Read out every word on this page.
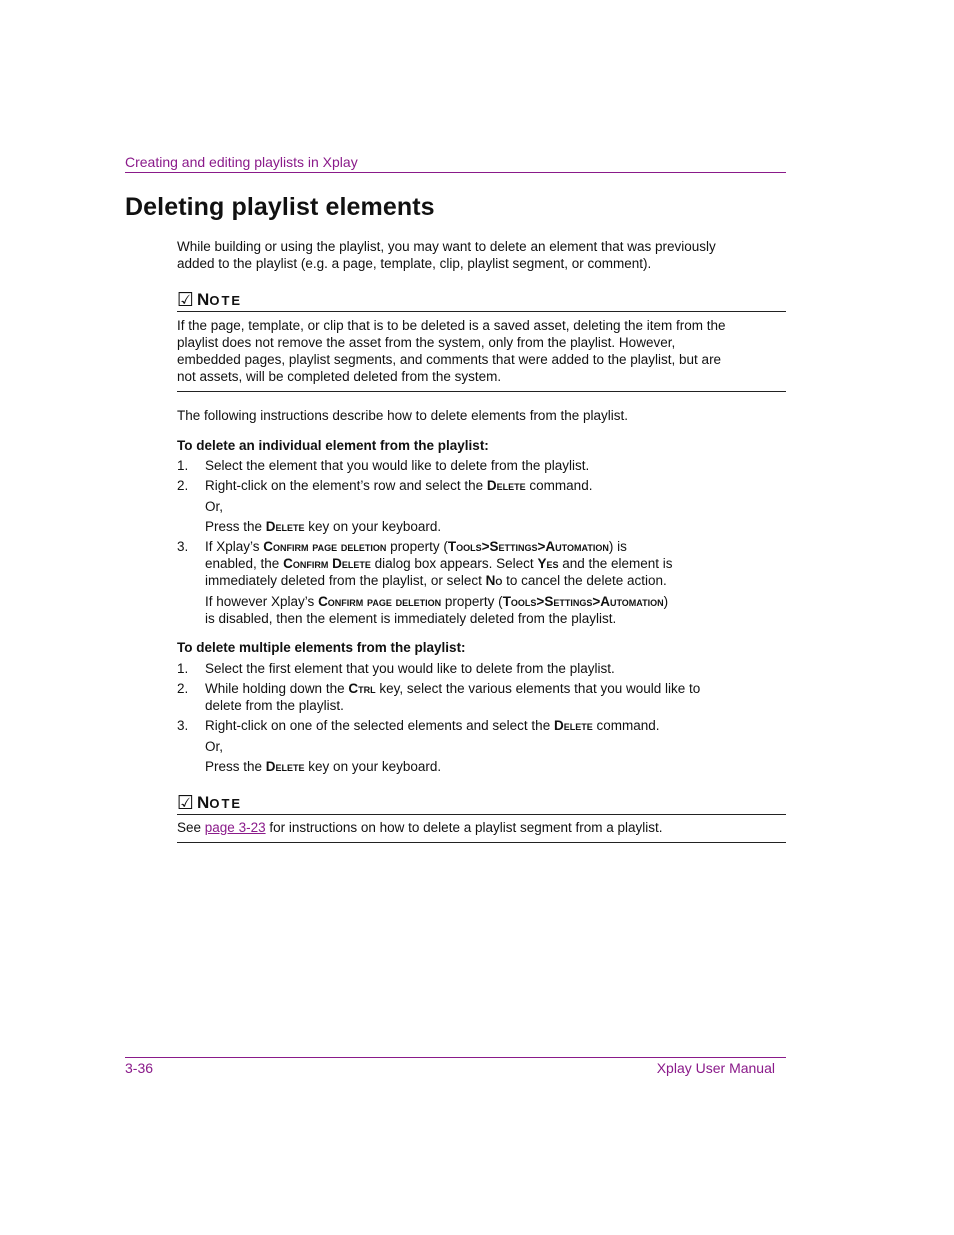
Creating and editing playlists in Xplay
Deleting playlist elements
While building or using the playlist, you may want to delete an element that was previously added to the playlist (e.g. a page, template, clip, playlist segment, or comment).
☑ NOTE
If the page, template, or clip that is to be deleted is a saved asset, deleting the item from the playlist does not remove the asset from the system, only from the playlist. However, embedded pages, playlist segments, and comments that were added to the playlist, but are not assets, will be completed deleted from the system.
The following instructions describe how to delete elements from the playlist.
To delete an individual element from the playlist:
1.	Select the element that you would like to delete from the playlist.
2.	Right-click on the element’s row and select the Delete command.
Or,
Press the Delete key on your keyboard.
3.	If Xplay’s Confirm page deletion property (Tools>Settings>Automation) is
enabled, the Confirm Delete dialog box appears. Select Yes and the element is
immediately deleted from the playlist, or select No to cancel the delete action.
If however Xplay’s Confirm page deletion property (Tools>Settings>Automation)
is disabled, then the element is immediately deleted from the playlist.
To delete multiple elements from the playlist:
1.	Select the first element that you would like to delete from the playlist.
2.	While holding down the Ctrl key, select the various elements that you would like to
delete from the playlist.
3.	Right-click on one of the selected elements and select the Delete command.
Or,
Press the Delete key on your keyboard.
☑ NOTE
See page 3-23 for instructions on how to delete a playlist segment from a playlist.
3-36	Xplay User Manual
